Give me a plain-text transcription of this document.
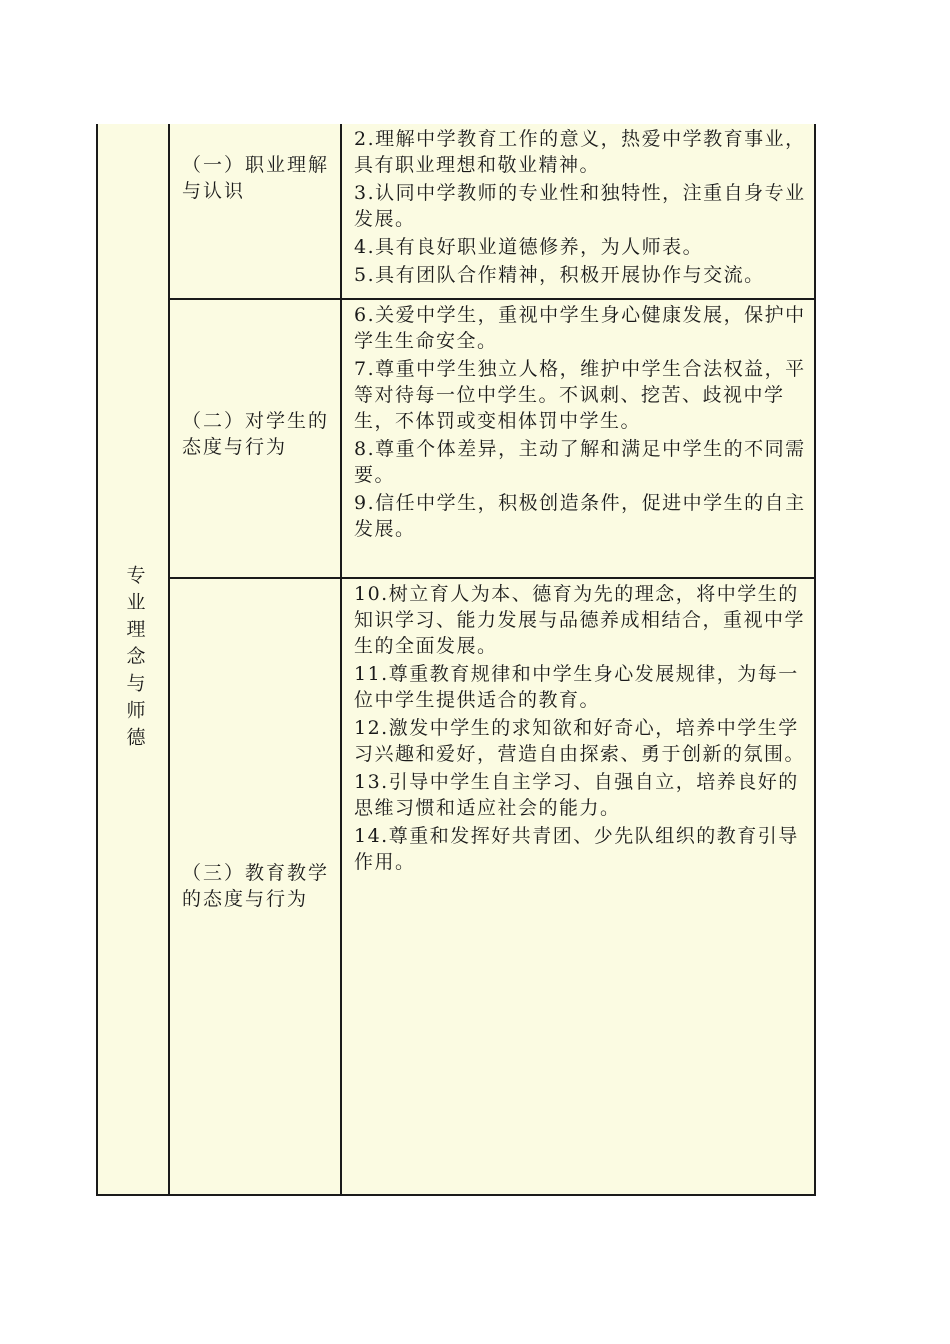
专业理念与师德
（一）职业理解与认识
2.理解中学教育工作的意义，热爱中学教育事业，具有职业理想和敬业精神。
3.认同中学教师的专业性和独特性，注重自身专业发展。
4.具有良好职业道德修养，为人师表。
5.具有团队合作精神，积极开展协作与交流。
（二）对学生的态度与行为
6.关爱中学生，重视中学生身心健康发展，保护中学生生命安全。
7.尊重中学生独立人格，维护中学生合法权益，平等对待每一位中学生。不讽刺、挖苦、歧视中学生，不体罚或变相体罚中学生。
8.尊重个体差异，主动了解和满足中学生的不同需要。
9.信任中学生，积极创造条件，促进中学生的自主发展。
（三）教育教学的态度与行为
10.树立育人为本、德育为先的理念，将中学生的知识学习、能力发展与品德养成相结合，重视中学生的全面发展。
11.尊重教育规律和中学生身心发展规律，为每一位中学生提供适合的教育。
12.激发中学生的求知欲和好奇心，培养中学生学习兴趣和爱好，营造自由探索、勇于创新的氛围。
13.引导中学生自主学习、自强自立，培养良好的思维习惯和适应社会的能力。
14.尊重和发挥好共青团、少先队组织的教育引导作用。
